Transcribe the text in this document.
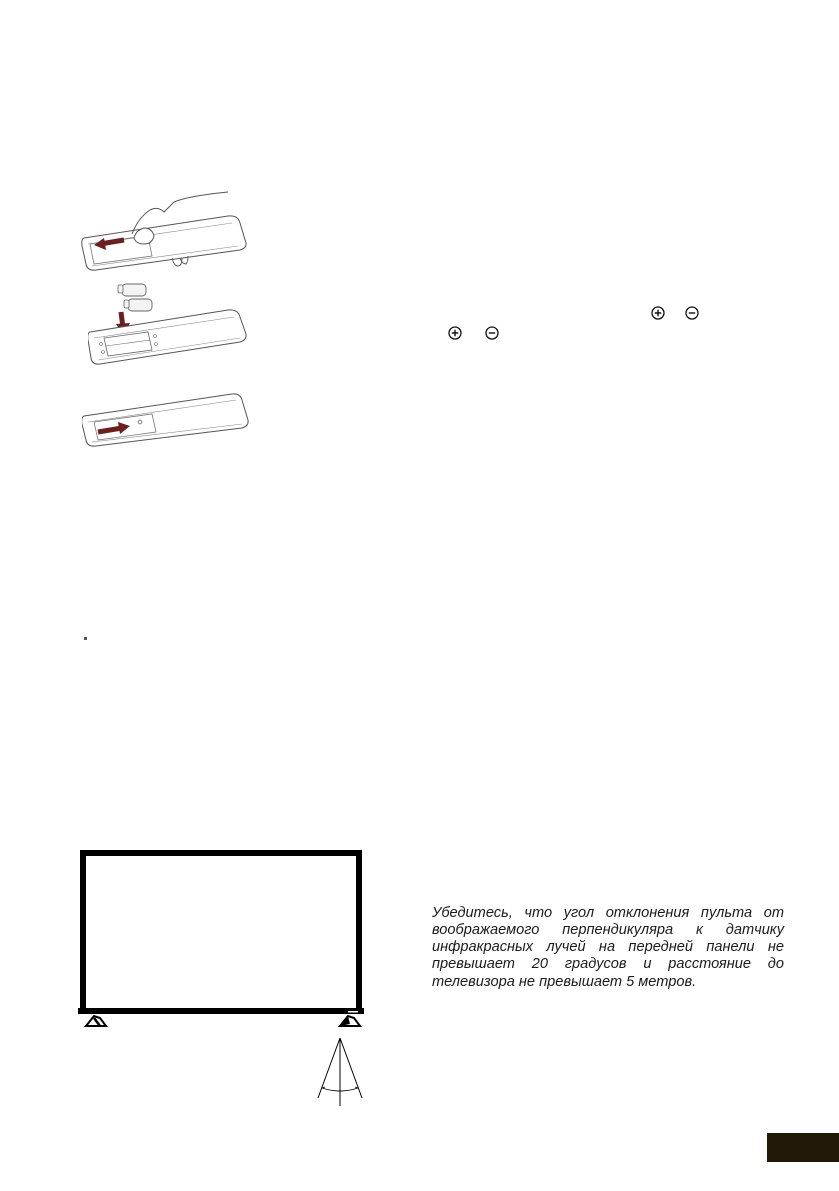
Убедитесь, что угол отклонения пульта от воображаемого перпендикуляра к датчику инфракрасных лучей на передней панели не превышает 20 градусов и расстояние до телевизора не превышает 5 метров.
